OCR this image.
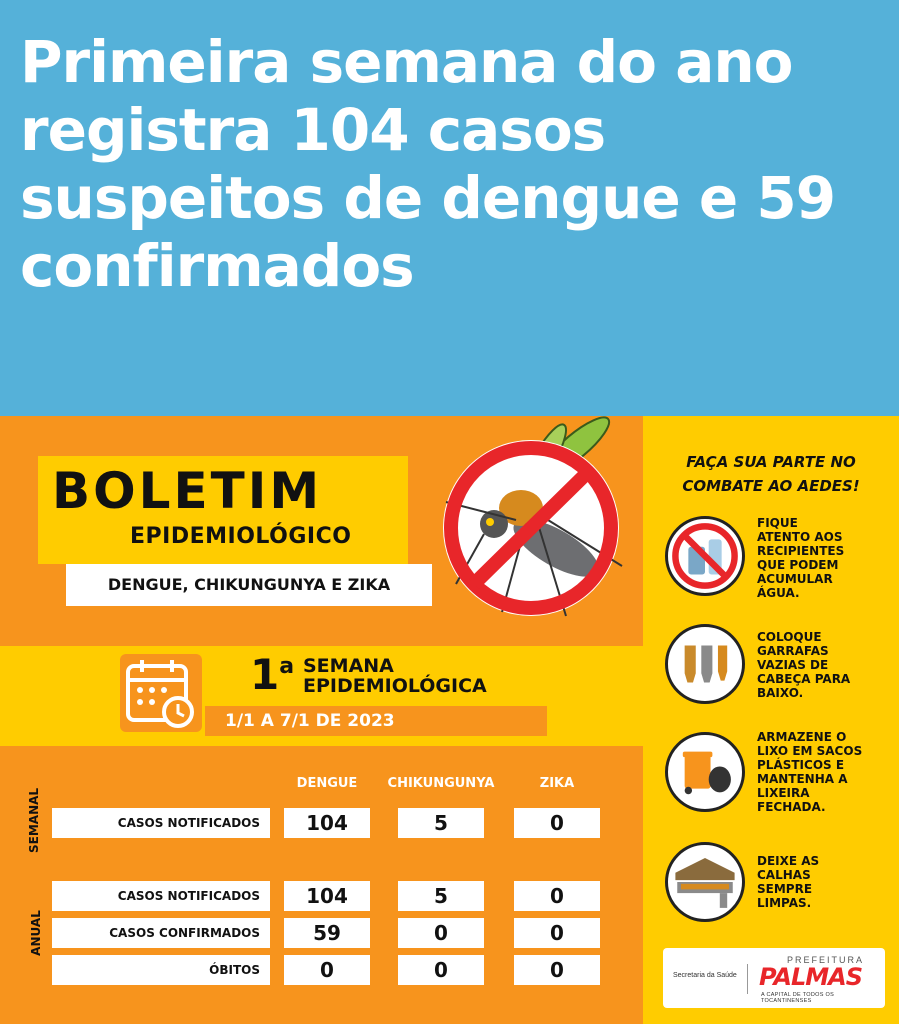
Primeira semana do ano registra 104 casos suspeitos de dengue e 59 confirmados
BOLETIM
EPIDEMIOLÓGICO
DENGUE, CHIKUNGUNYA E ZIKA
1$^a$ SEMANA
EPIDEMIOLÓGICA
1/1 A 7/1 DE 2023
DENGUE	CHIKUNGUNYA	ZIKA
SEMANAL
ANUAL
CASOS NOTIFICADOS	104	5	0
CASOS NOTIFICADOS	104	5	0
CASOS CONFIRMADOS	59	0	0
ÓBITOS	0	0	0
FAÇA SUA PARTE NO
COMBATE AO AEDES!
FIQUE
ATENTO AOS
RECIPIENTES
QUE PODEM
ACUMULAR
ÁGUA.
COLOQUE
GARRAFAS
VAZIAS DE
CABEÇA PARA
BAIXO.
ARMAZENE O
LIXO EM SACOS
PLÁSTICOS E
MANTENHA A
LIXEIRA
FECHADA.
DEIXE AS
CALHAS
SEMPRE
LIMPAS.
Secretaria da Saúde
PREFEITURA
PALMAS
A CAPITAL DE TODOS OS TOCANTINENSES
